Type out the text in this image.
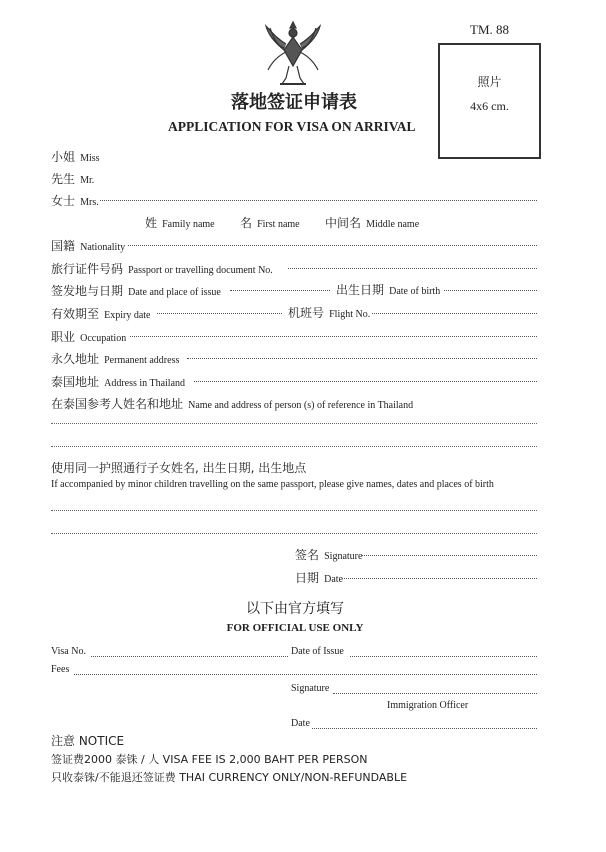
TM. 88
照片
4x6 cm.
落地签证申请表
APPLICATION FOR VISA ON ARRIVAL
小姐 Miss
先生 Mr.
女士 Mrs.
姓 Family name 名 First name 中间名 Middle name
国籍 Nationality
旅行证件号码 Passport or travelling document No.
签发地与日期 Date and place of issue	出生日期 Date of birth
有效期至 Expiry date	机班号 Flight No.
职业 Occupation
永久地址 Permanent address
泰国地址 Address in Thailand
在泰国参考人姓名和地址 Name and address of person (s) of reference in Thailand
使用同一护照通行子女姓名, 出生日期, 出生地点
If accompanied by minor children travelling on the same passport, please give names, dates and places of birth
签名 Signature
日期 Date
以下由官方填写
FOR OFFICIAL USE ONLY
Visa No.	Date of Issue
Fees
Signature
Immigration Officer
Date
注意 NOTICE
签证费2000 泰铢 / 人 VISA FEE IS 2,000 BAHT PER PERSON
只收泰铢/不能退还签证费 THAI CURRENCY ONLY/NON-REFUNDABLE
